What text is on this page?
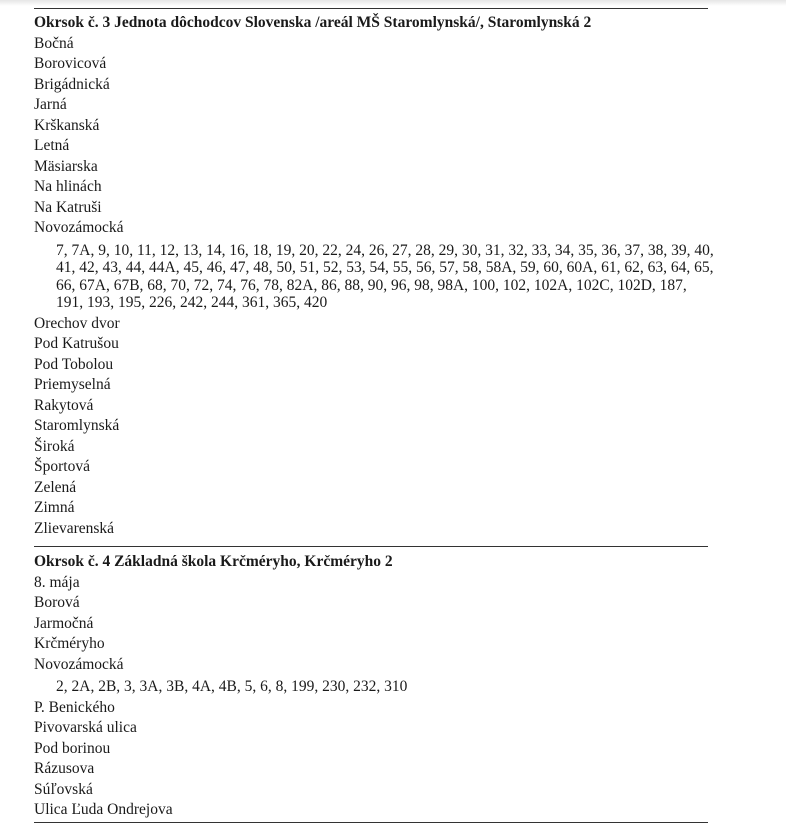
Okrsok č. 3 Jednota dôchodcov Slovenska /areál MŠ Staromlynská/, Staromlynská 2
Bočná
Borovicová
Brigádnická
Jarná
Krškanská
Letná
Mäsiarska
Na hlinách
Na Katruši
Novozámocká
7, 7A, 9, 10, 11, 12, 13, 14, 16, 18, 19, 20, 22, 24, 26, 27, 28, 29, 30, 31, 32, 33, 34, 35, 36, 37, 38, 39, 40, 41, 42, 43, 44, 44A, 45, 46, 47, 48, 50, 51, 52, 53, 54, 55, 56, 57, 58, 58A, 59, 60, 60A, 61, 62, 63, 64, 65, 66, 67A, 67B, 68, 70, 72, 74, 76, 78, 82A, 86, 88, 90, 96, 98, 98A, 100, 102, 102A, 102C, 102D, 187, 191, 193, 195, 226, 242, 244, 361, 365, 420
Orechov dvor
Pod Katrušou
Pod Tobolou
Priemyselná
Rakytová
Staromlynská
Široká
Športová
Zelená
Zimná
Zlievarenská
Okrsok č. 4 Základná škola Krčméryho, Krčméryho 2
8. mája
Borová
Jarmočná
Krčméryho
Novozámocká
2, 2A, 2B, 3, 3A, 3B, 4A, 4B, 5, 6, 8, 199, 230, 232, 310
P. Benického
Pivovarská ulica
Pod borinou
Rázusova
Súľovská
Ulica Ľuda Ondrejova
